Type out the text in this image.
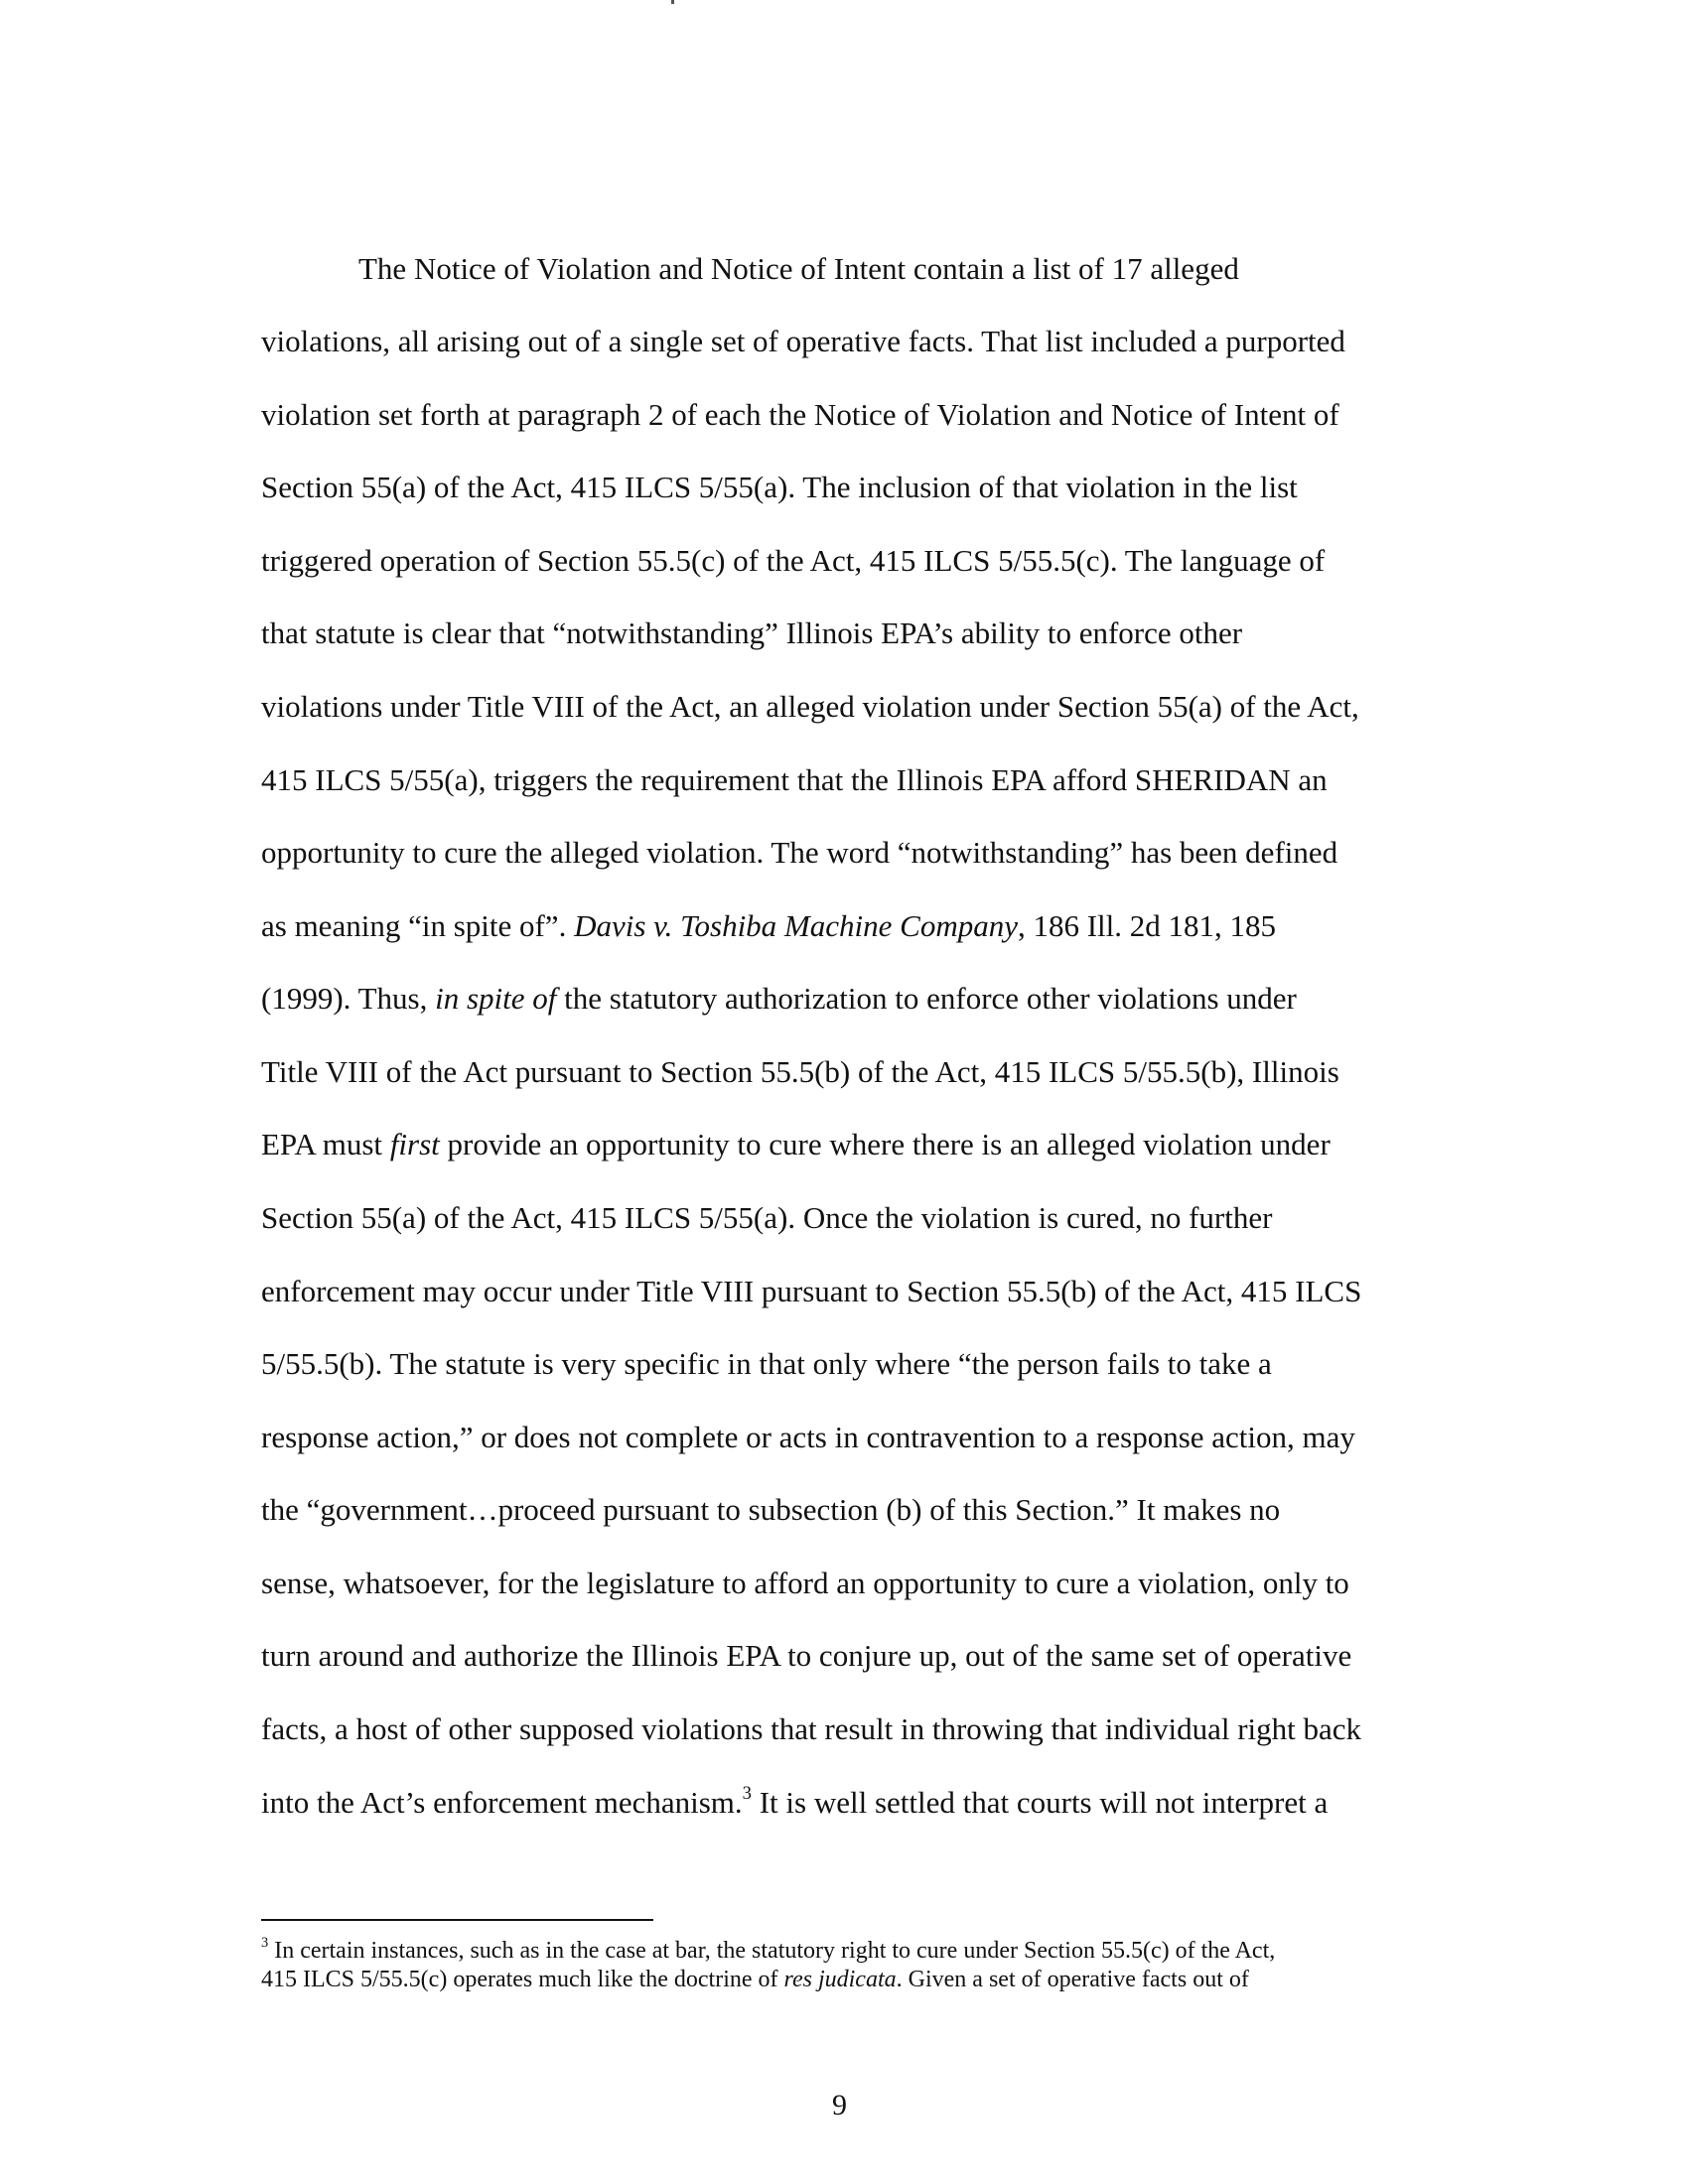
The Notice of Violation and Notice of Intent contain a list of 17 alleged
violations, all arising out of a single set of operative facts. That list included a purported
violation set forth at paragraph 2 of each the Notice of Violation and Notice of Intent of
Section 55(a) of the Act, 415 ILCS 5/55(a). The inclusion of that violation in the list
triggered operation of Section 55.5(c) of the Act, 415 ILCS 5/55.5(c). The language of
that statute is clear that “notwithstanding” Illinois EPA’s ability to enforce other
violations under Title VIII of the Act, an alleged violation under Section 55(a) of the Act,
415 ILCS 5/55(a), triggers the requirement that the Illinois EPA afford SHERIDAN an
opportunity to cure the alleged violation. The word “notwithstanding” has been defined
as meaning “in spite of”. Davis v. Toshiba Machine Company, 186 Ill. 2d 181, 185
(1999). Thus, in spite of the statutory authorization to enforce other violations under
Title VIII of the Act pursuant to Section 55.5(b) of the Act, 415 ILCS 5/55.5(b), Illinois
EPA must first provide an opportunity to cure where there is an alleged violation under
Section 55(a) of the Act, 415 ILCS 5/55(a). Once the violation is cured, no further
enforcement may occur under Title VIII pursuant to Section 55.5(b) of the Act, 415 ILCS
5/55.5(b). The statute is very specific in that only where “the person fails to take a
response action,” or does not complete or acts in contravention to a response action, may
the “government…proceed pursuant to subsection (b) of this Section.” It makes no
sense, whatsoever, for the legislature to afford an opportunity to cure a violation, only to
turn around and authorize the Illinois EPA to conjure up, out of the same set of operative
facts, a host of other supposed violations that result in throwing that individual right back
into the Act’s enforcement mechanism.$^3$ It is well settled that courts will not interpret a
$^3$ In certain instances, such as in the case at bar, the statutory right to cure under Section 55.5(c) of the Act,
415 ILCS 5/55.5(c) operates much like the doctrine of res judicata. Given a set of operative facts out of
9
